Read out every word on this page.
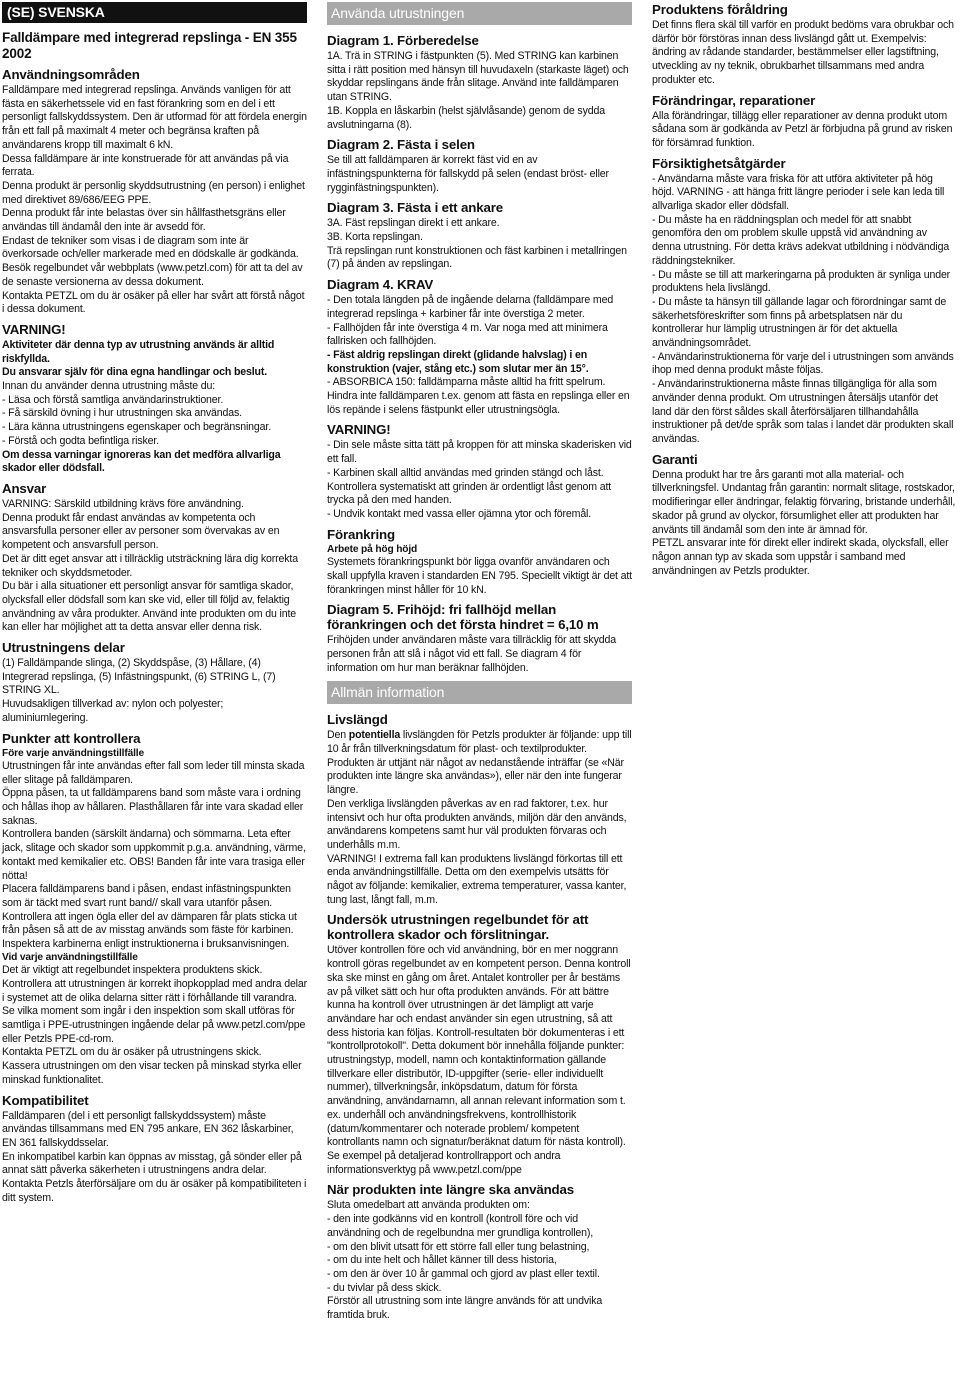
(SE) SVENSKA
Falldämpare med integrerad repslinga - EN 355 2002
Användningsområden

Falldämpare med integrerad repslinga. Används vanligen för att fästa en säkerhetssele vid en fast förankring som en del i ett personligt fallskyddssystem. Den är utformad för att fördela energin från ett fall på maximalt 4 meter och begränsa kraften på användarens kropp till maximalt 6 kN.

Dessa falldämpare är inte konstruerade för att användas på via ferrata.

Denna produkt är personlig skyddsutrustning (en person) i enlighet med direktivet 89/686/EEG PPE.

Denna produkt får inte belastas över sin hållfasthetsgräns eller användas till ändamål den inte är avsedd för.

Endast de tekniker som visas i de diagram som inte är överkorsade och/eller markerade med en dödskalle är godkända. Besök regelbundet vår webbplats (www.petzl.com) för att ta del av de senaste versionerna av dessa dokument.

Kontakta PETZL om du är osäker på eller har svårt att förstå något i dessa dokument.

VARNING!

Aktiviteter där denna typ av utrustning används är alltid riskfyllda.

Du ansvarar själv för dina egna handlingar och beslut.

Innan du använder denna utrustning måste du:

- Läsa och förstå samtliga användarinstruktioner.

- Få särskild övning i hur utrustningen ska användas.

- Lära känna utrustningens egenskaper och begränsningar.

- Förstå och godta befintliga risker.

Om dessa varningar ignoreras kan det medföra allvarliga skador eller dödsfall.

Ansvar

VARNING: Särskild utbildning krävs före användning.

Denna produkt får endast användas av kompetenta och ansvarsfulla personer eller av personer som övervakas av en kompetent och ansvarsfull person.

Det är ditt eget ansvar att i tillräcklig utsträckning lära dig korrekta tekniker och skyddsmetoder.

Du bär i alla situationer ett personligt ansvar för samtliga skador, olycksfall eller dödsfall som kan ske vid, eller till följd av, felaktig användning av våra produkter. Använd inte produkten om du inte kan eller har möjlighet att ta detta ansvar eller denna risk.

Utrustningens delar

(1) Falldämpande slinga, (2) Skyddspåse, (3) Hållare, (4) Integrerad repslinga, (5) Infästningspunkt, (6) STRING L, (7) STRING XL.

Huvudsakligen tillverkad av: nylon och polyester; aluminiumlegering.

Punkter att kontrollera

Före varje användningstillfälle

Utrustningen får inte användas efter fall som leder till minsta skada eller slitage på falldämparen.

Öppna påsen, ta ut falldämparens band som måste vara i ordning och hållas ihop av hållaren. Plasthållaren får inte vara skadad eller saknas.

Kontrollera banden (särskilt ändarna) och sömmarna. Leta efter jack, slitage och skador som uppkommit p.g.a. användning, värme, kontakt med kemikalier etc. OBS! Banden får inte vara trasiga eller nötta!

Placera falldämparens band i påsen, endast infästningspunkten som är täckt med svart runt band// skall vara utanför påsen. Kontrollera att ingen ögla eller del av dämparen får plats sticka ut från påsen så att de av misstag används som fäste för karbinen.

Inspektera karbinerna enligt instruktionerna i bruksanvisningen.

Vid varje användningstillfälle

Det är viktigt att regelbundet inspektera produktens skick. Kontrollera att utrustningen är korrekt ihopkopplad med andra delar i systemet att de olika delarna sitter rätt i förhållande till varandra.

Se vilka moment som ingår i den inspektion som skall utföras för samtliga i PPE-utrustningen ingående delar på www.petzl.com/ppe eller Petzls PPE-cd-rom.

Kontakta PETZL om du är osäker på utrustningens skick.

Kassera utrustningen om den visar tecken på minskad styrka eller minskad funktionalitet.

Kompatibilitet

Falldämparen (del i ett personligt fallskyddssystem) måste användas tillsammans med EN 795 ankare, EN 362 låskarbiner, EN 361 fallskyddsselar.

En inkompatibel karbin kan öppnas av misstag, gå sönder eller på annat sätt påverka säkerheten i utrustningens andra delar.

Kontakta Petzls återförsäljare om du är osäker på kompatibiliteten i ditt system.

Använda utrustningen
Diagram 1. Förberedelse

1A. Trä in STRING i fästpunkten (5). Med STRING kan karbinen sitta i rätt position med hänsyn till huvudaxeln (starkaste läget) och skyddar repslingans ände från slitage. Använd inte falldämparen utan STRING.

1B. Koppla en låskarbin (helst självlåsande) genom de sydda avslutningarna (8).

Diagram 2. Fästa i selen

Se till att falldämparen är korrekt fäst vid en av infästningspunkterna för fallskydd på selen (endast bröst- eller rygginfästningspunkten).

Diagram 3. Fästa i ett ankare

3A. Fäst repslingan direkt i ett ankare.

3B. Korta repslingan.

Trä repslingan runt konstruktionen och fäst karbinen i metallringen (7) på änden av repslingan.

Diagram 4. KRAV

- Den totala längden på de ingående delarna (falldämpare med integrerad repslinga + karbiner får inte överstiga 2 meter.

- Fallhöjden får inte överstiga 4 m. Var noga med att minimera fallrisken och fallhöjden.

- Fäst aldrig repslingan direkt (glidande halvslag) i en konstruktion (vajer, stång etc.) som slutar mer än 15°.

- ABSORBICA 150: falldämparna måste alltid ha fritt spelrum. Hindra inte falldämparen t.ex. genom att fästa en repslinga eller en lös repände i selens fästpunkt eller utrustningsögla.

VARNING!

- Din sele måste sitta tätt på kroppen för att minska skaderisken vid ett fall.

- Karbinen skall alltid användas med grinden stängd och låst. Kontrollera systematiskt att grinden är ordentligt låst genom att trycka på den med handen.

- Undvik kontakt med vassa eller ojämna ytor och föremål.

Förankring

Arbete på hög höjd

Systemets förankringspunkt bör ligga ovanför användaren och skall uppfylla kraven i standarden EN 795. Speciellt viktigt är det att förankringen minst håller för 10 kN.

Diagram 5. Frihöjd: fri fallhöjd mellan förankringen och det första hindret = 6,10 m

Frihöjden under användaren måste vara tillräcklig för att skydda personen från att slå i något vid ett fall. Se diagram 4 för information om hur man beräknar fallhöjden.

Allmän information
Livslängd

Den potentiella livslängden för Petzls produkter är följande: upp till 10 år från tillverkningsdatum för plast- och textilprodukter.

Produkten är uttjänt när något av nedanstående inträffar (se «När produkten inte längre ska användas»), eller när den inte fungerar längre.

Den verkliga livslängden påverkas av en rad faktorer, t.ex. hur intensivt och hur ofta produkten används, miljön där den används, användarens kompetens samt hur väl produkten förvaras och underhålls m.m.

VARNING! I extrema fall kan produktens livslängd förkortas till ett enda användningstillfälle. Detta om den exempelvis utsätts för något av följande: kemikalier, extrema temperaturer, vassa kanter, tung last, långt fall, m.m.

Undersök utrustningen regelbundet för att kontrollera skador och förslitningar.

Utöver kontrollen före och vid användning, bör en mer noggrann kontroll göras regelbundet av en kompetent person. Denna kontroll ska ske minst en gång om året. Antalet kontroller per år bestäms av på vilket sätt och hur ofta produkten används. För att bättre kunna ha kontroll över utrustningen är det lämpligt att varje användare har och endast använder sin egen utrustning, så att dess historia kan följas. Kontroll-resultaten bör dokumenteras i ett "kontrollprotokoll". Detta dokument bör innehålla följande punkter: utrustningstyp, modell, namn och kontaktinformation gällande tillverkare eller distributör, ID-uppgifter (serie- eller individuellt nummer), tillverkningsår, inköpsdatum, datum för första användning, användarnamn, all annan relevant information som t. ex. underhåll och användningsfrekvens, kontrollhistorik (datum/kommentarer och noterade problem/ kompetent kontrollants namn och signatur/beräknat datum för nästa kontroll). Se exempel på detaljerad kontrollrapport och andra informationsverktyg på www.petzl.com/ppe

När produkten inte längre ska användas

Sluta omedelbart att använda produkten om:

- den inte godkänns vid en kontroll (kontroll före och vid användning och de regelbundna mer grundliga kontrollen),

- om den blivit utsatt för ett större fall eller tung belastning,

- om du inte helt och hållet känner till dess historia,

- om den är över 10 år gammal och gjord av plast eller textil.

- du tvivlar på dess skick.

Förstör all utrustning som inte längre används för att undvika framtida bruk.

Produktens föråldring

Det finns flera skäl till varför en produkt bedöms vara obrukbar och därför bör förstöras innan dess livslängd gått ut. Exempelvis: ändring av rådande standarder, bestämmelser eller lagstiftning, utveckling av ny teknik, obrukbarhet tillsammans med andra produkter etc.

Förändringar, reparationer

Alla förändringar, tillägg eller reparationer av denna produkt utom sådana som är godkända av Petzl är förbjudna på grund av risken för försämrad funktion.

Försiktighetsåtgärder

- Användarna måste vara friska för att utföra aktiviteter på hög höjd. VARNING - att hänga fritt längre perioder i sele kan leda till allvarliga skador eller dödsfall.

- Du måste ha en räddningsplan och medel för att snabbt genomföra den om problem skulle uppstå vid användning av denna utrustning. För detta krävs adekvat utbildning i nödvändiga räddningstekniker.

- Du måste se till att markeringarna på produkten är synliga under produktens hela livslängd.

- Du måste ta hänsyn till gällande lagar och förordningar samt de säkerhetsföreskrifter som finns på arbetsplatsen när du kontrollerar hur lämplig utrustningen är för det aktuella användningsområdet.

- Användarinstruktionerna för varje del i utrustningen som används ihop med denna produkt måste följas.

- Användarinstruktionerna måste finnas tillgängliga för alla som använder denna produkt. Om utrustningen återsäljs utanför det land där den först såldes skall återförsäljaren tillhandahålla instruktioner på det/de språk som talas i landet där produkten skall användas.

Garanti

Denna produkt har tre års garanti mot alla material- och tillverkningsfel. Undantag från garantin: normalt slitage, rostskador, modifieringar eller ändringar, felaktig förvaring, bristande underhåll, skador på grund av olyckor, försumlighet eller att produkten har använts till ändamål som den inte är ämnad för.

PETZL ansvarar inte för direkt eller indirekt skada, olycksfall, eller någon annan typ av skada som uppstår i samband med användningen av Petzls produkter.
